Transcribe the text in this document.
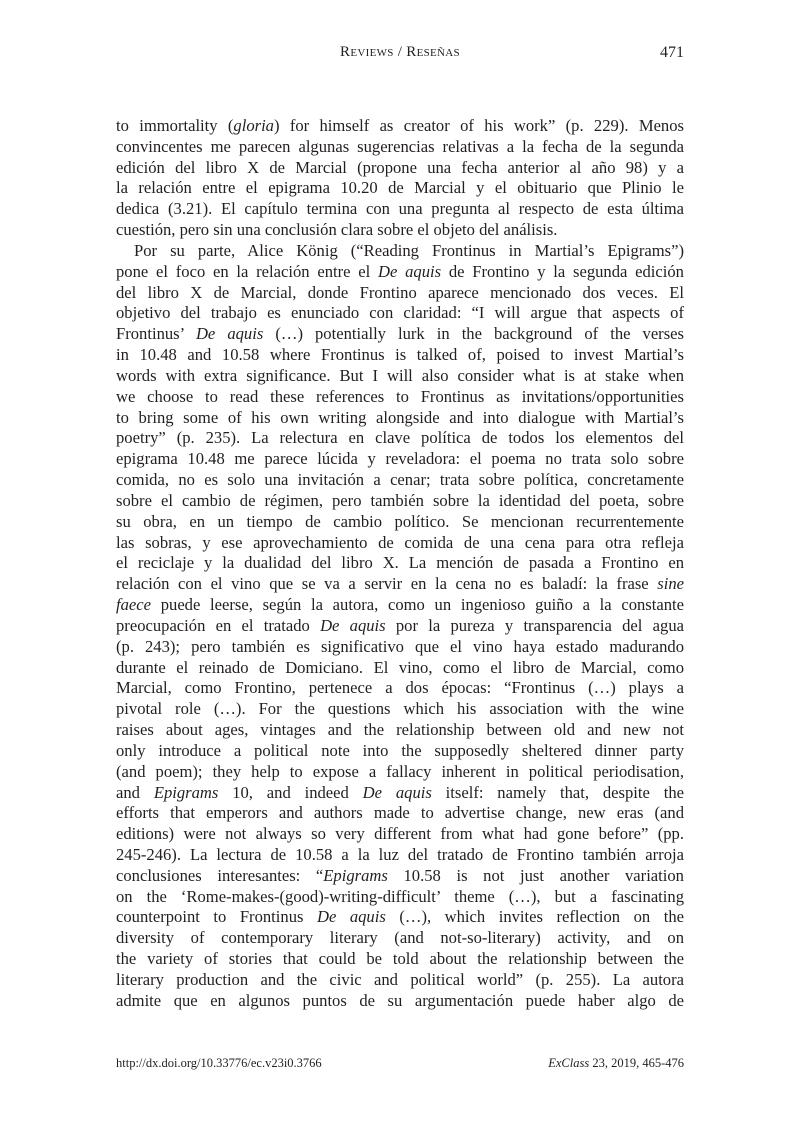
Reviews / Reseñas	471
to immortality (gloria) for himself as creator of his work” (p. 229). Menos
convincentes me parecen algunas sugerencias relativas a la fecha de la segunda
edición del libro X de Marcial (propone una fecha anterior al año 98) y a
la relación entre el epigrama 10.20 de Marcial y el obituario que Plinio le
dedica (3.21). El capítulo termina con una pregunta al respecto de esta última
cuestión, pero sin una conclusión clara sobre el objeto del análisis.
Por su parte, Alice König (“Reading Frontinus in Martial’s Epigrams”)
pone el foco en la relación entre el De aquis de Frontino y la segunda edición
del libro X de Marcial, donde Frontino aparece mencionado dos veces. El
objetivo del trabajo es enunciado con claridad: “I will argue that aspects of
Frontinus’ De aquis (…) potentially lurk in the background of the verses
in 10.48 and 10.58 where Frontinus is talked of, poised to invest Martial’s
words with extra significance. But I will also consider what is at stake when
we choose to read these references to Frontinus as invitations/opportunities
to bring some of his own writing alongside and into dialogue with Martial’s
poetry” (p. 235). La relectura en clave política de todos los elementos del
epigrama 10.48 me parece lúcida y reveladora: el poema no trata solo sobre
comida, no es solo una invitación a cenar; trata sobre política, concretamente
sobre el cambio de régimen, pero también sobre la identidad del poeta, sobre
su obra, en un tiempo de cambio político. Se mencionan recurrentemente
las sobras, y ese aprovechamiento de comida de una cena para otra refleja
el reciclaje y la dualidad del libro X. La mención de pasada a Frontino en
relación con el vino que se va a servir en la cena no es baladí: la frase sine
faece puede leerse, según la autora, como un ingenioso guiño a la constante
preocupación en el tratado De aquis por la pureza y transparencia del agua
(p. 243); pero también es significativo que el vino haya estado madurando
durante el reinado de Domiciano. El vino, como el libro de Marcial, como
Marcial, como Frontino, pertenece a dos épocas: “Frontinus (…) plays a
pivotal role (…). For the questions which his association with the wine
raises about ages, vintages and the relationship between old and new not
only introduce a political note into the supposedly sheltered dinner party
(and poem); they help to expose a fallacy inherent in political periodisation,
and Epigrams 10, and indeed De aquis itself: namely that, despite the
efforts that emperors and authors made to advertise change, new eras (and
editions) were not always so very different from what had gone before” (pp.
245-246). La lectura de 10.58 a la luz del tratado de Frontino también arroja
conclusiones interesantes: “Epigrams 10.58 is not just another variation
on the ‘Rome-makes-(good)-writing-difficult’ theme (…), but a fascinating
counterpoint to Frontinus De aquis (…), which invites reflection on the
diversity of contemporary literary (and not-so-literary) activity, and on
the variety of stories that could be told about the relationship between the
literary production and the civic and political world” (p. 255). La autora
admite que en algunos puntos de su argumentación puede haber algo de
http://dx.doi.org/10.33776/ec.v23i0.3766	ExClass 23, 2019, 465-476
